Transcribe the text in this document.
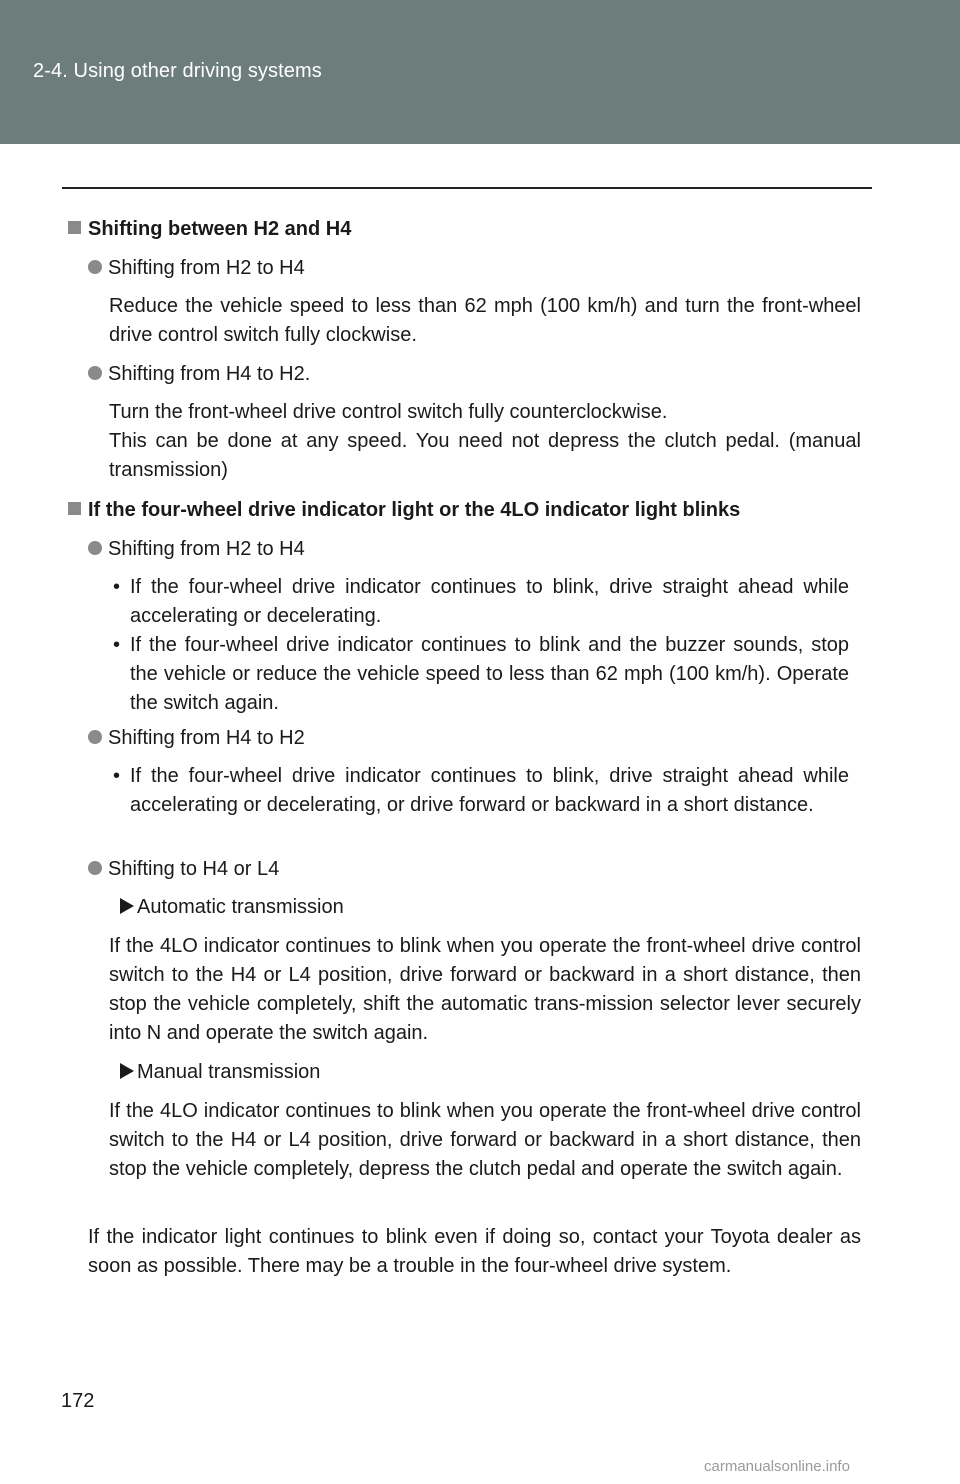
2-4. Using other driving systems
Shifting between H2 and H4
Shifting from H2 to H4
Reduce the vehicle speed to less than 62 mph (100 km/h) and turn the front-wheel drive control switch fully clockwise.
Shifting from H4 to H2.
Turn the front-wheel drive control switch fully counterclockwise.
This can be done at any speed. You need not depress the clutch pedal. (manual transmission)
If the four-wheel drive indicator light or the 4LO indicator light blinks
Shifting from H2 to H4
• If the four-wheel drive indicator continues to blink, drive straight ahead while accelerating or decelerating.
• If the four-wheel drive indicator continues to blink and the buzzer sounds, stop the vehicle or reduce the vehicle speed to less than 62 mph (100 km/h). Operate the switch again.
Shifting from H4 to H2
• If the four-wheel drive indicator continues to blink, drive straight ahead while accelerating or decelerating, or drive forward or backward in a short distance.
Shifting to H4 or L4
Automatic transmission
If the 4LO indicator continues to blink when you operate the front-wheel drive control switch to the H4 or L4 position, drive forward or backward in a short distance, then stop the vehicle completely, shift the automatic trans-mission selector lever securely into N and operate the switch again.
Manual transmission
If the 4LO indicator continues to blink when you operate the front-wheel drive control switch to the H4 or L4 position, drive forward or backward in a short distance, then stop the vehicle completely, depress the clutch pedal and operate the switch again.
If the indicator light continues to blink even if doing so, contact your Toyota dealer as soon as possible. There may be a trouble in the four-wheel drive system.
172
carmanualsonline.info
